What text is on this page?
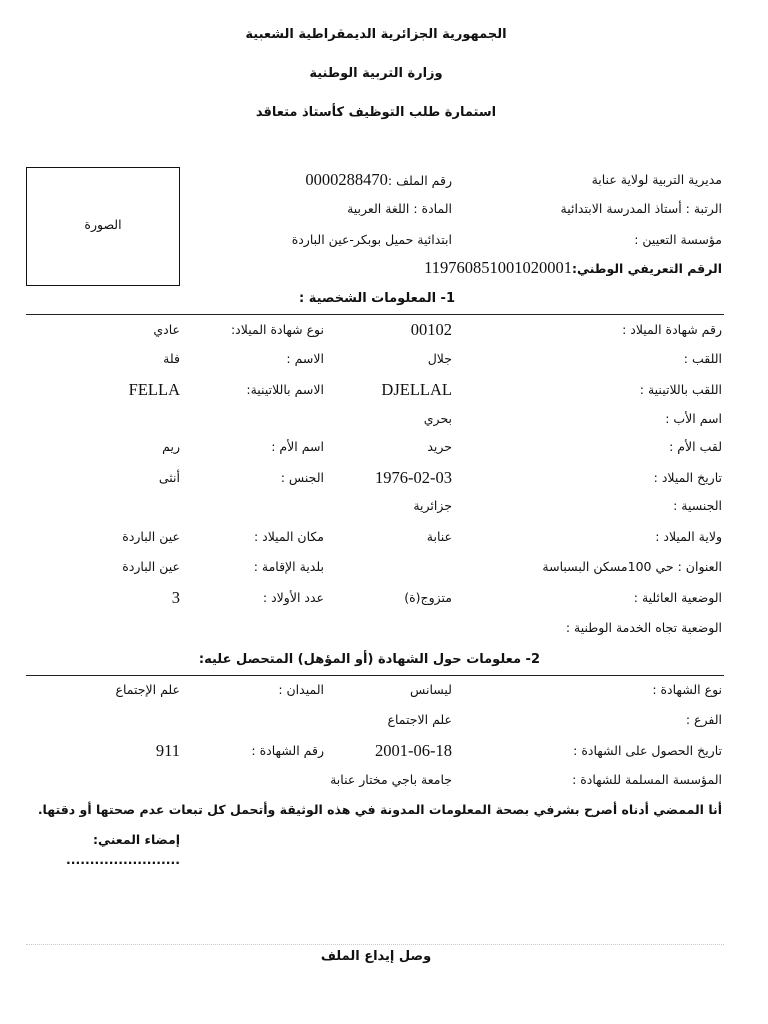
الجمهورية الجزائرية الديمقراطية الشعبية
وزارة التربية الوطنية
استمارة طلب التوظيف كأستاذ متعاقد
الصورة
مديرية التربية لولاية عنابة
رقم الملف :0000288470
الرتبة :أستاذ المدرسة الابتدائية
المادة :اللغة العربية
مؤسسة التعيين :
ابتدائية حميل بوبكر-عين الباردة
الرقم التعريفي الوطني:119760851001020001
1- المعلومات الشخصية :
رقم شهادة الميلاد :
00102
نوع شهادة الميلاد:
عادي
اللقب :
جلال
الاسم :
فلة
اللقب باللاتينية :
DJELLAL
الاسم باللاتينية:
FELLA
اسم الأب :
بحري
لقب الأم :
حريد
اسم الأم :
ريم
تاريخ الميلاد :
1976-02-03
الجنس :
أنثى
الجنسية :
جزائرية
ولاية الميلاد :
عنابة
مكان الميلاد :
عين الباردة
العنوان :حي 100مسكن البسباسة
بلدية الإقامة :
عين الباردة
الوضعية العائلية :
متزوج(ة)
عدد الأولاد :
3
الوضعية تجاه الخدمة الوطنية :
2- معلومات حول الشهادة (أو المؤهل) المتحصل عليه:
نوع الشهادة :
ليسانس
الميدان :
علم الإجتماع
الفرع :
علم الاجتماع
تاريخ الحصول على الشهادة :
2001-06-18
رقم الشهادة :
911
المؤسسة المسلمة للشهادة :
جامعة باجي مختار عنابة
أنا الممضي أدناه أصرح بشرفي بصحة المعلومات المدونة في هذه الوثيقة وأتحمل كل تبعات عدم صحتها أو دقتها.
إمضاء المعني:
........................
وصل إيداع الملف
